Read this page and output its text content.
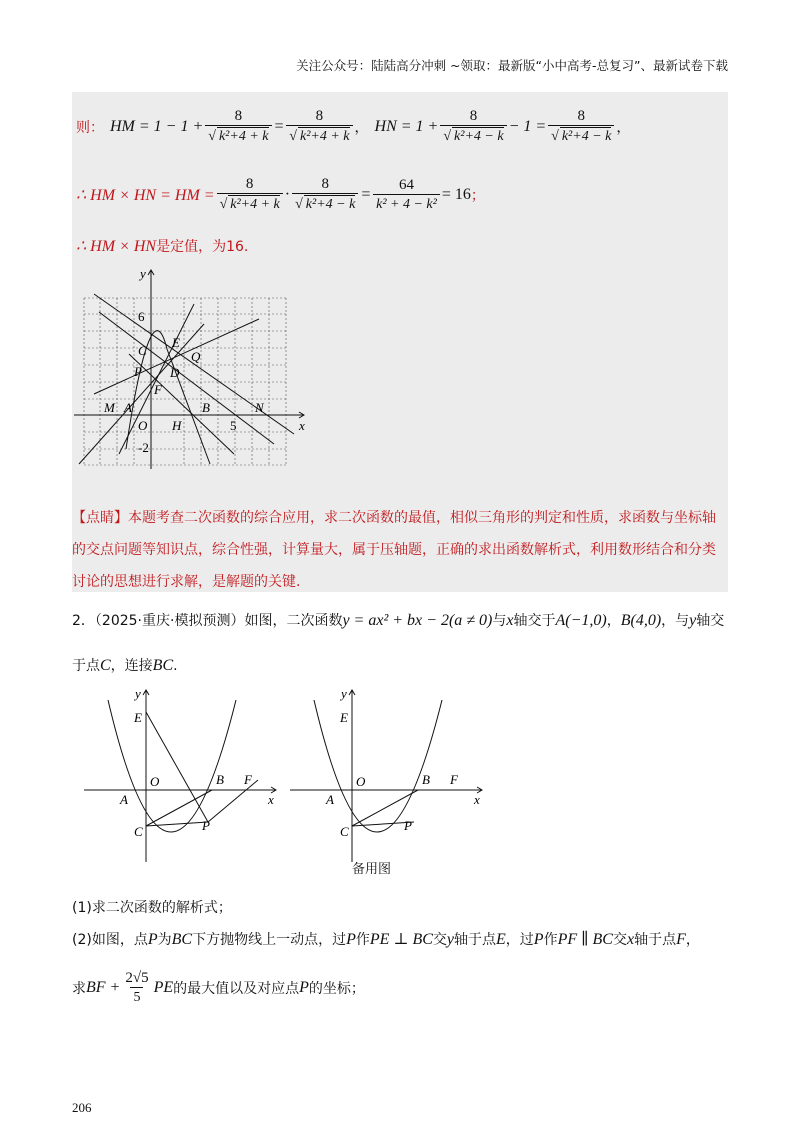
关注公众号：陆陆高分冲刺 ~领取：最新版“小中高考-总复习”、最新试卷下载
则： HM = $1 - 1 + \frac{8}{\text{√ k²+4 + k}} = \frac{8}{\text{√ k²+4 + k}}$ ， HN = $1 + \frac{8}{\text{√ k²+4 − k}} - 1 = \frac{8}{\text{√ k²+4 − k}}$ ，
∴ HM × HN = HM = $\frac{8}{\text{√ k²+4 + k}} \cdot \frac{8}{\text{√ k²+4 − k}} = \frac{64}{\text{k² + 4 − k²}} = 16$ ；
∴ HM × HN 是定值，为16.
y
x
6
C
E
Q
P D
F
M A	B	N
O H	5
-2
【点睛】本题考查二次函数的综合应用，求二次函数的最值，相似三角形的判定和性质，求函数与坐标轴的交点问题等知识点，综合性强，计算量大，属于压轴题，正确的求出函数解析式，利用数形结合和分类讨论的思想进行求解，是解题的关键.
2．（2025·重庆·模拟预测）如图，二次函数y = ax² + bx − 2(a ≠ 0)与x轴交于A(−1,0)，B(4,0)，与y轴交
于点C，连接BC.
y
x
E
O	B F
A
C	P
y
x
E
O	B F
A
C	P
备用图
(1)求二次函数的解析式；
(2)如图，点P为BC下方抛物线上一动点，过P作PE ⊥ BC交y轴于点E，过P作PF ∥ BC交x轴于点F，
求 BF + $\frac{2√5}{5}$ PE 的最大值以及对应点 P 的坐标；
206
